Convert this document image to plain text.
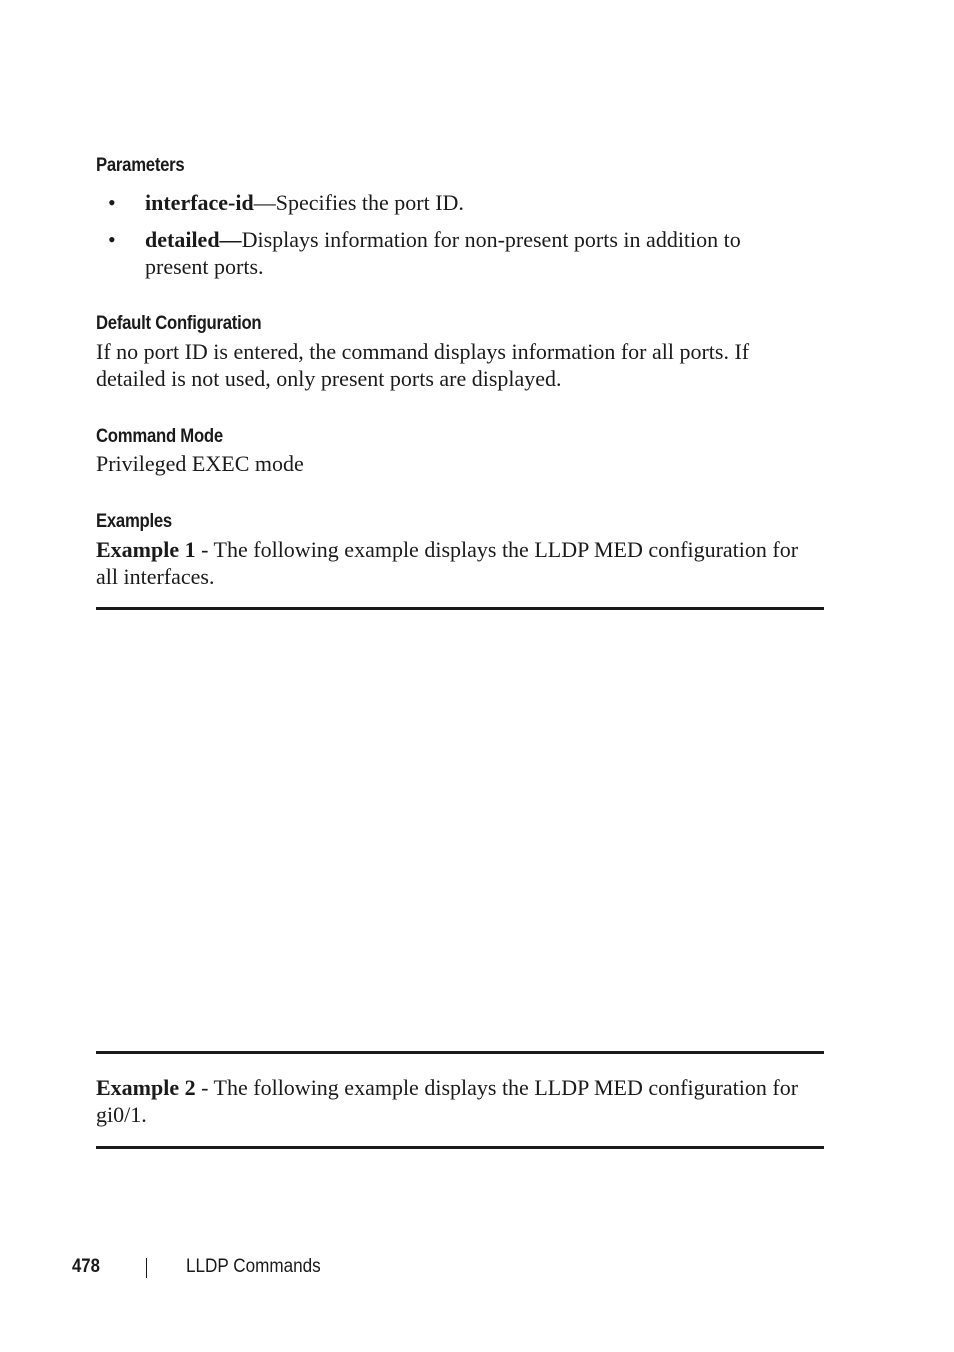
Parameters
• interface-id—Specifies the port ID.
• detailed—Displays information for non-present ports in addition to present ports.
Default Configuration

If no port ID is entered, the command displays information for all ports. If detailed is not used, only present ports are displayed.

Command Mode

Privileged EXEC mode

Examples

Example 1 - The following example displays the LLDP MED configuration for all interfaces.

Example 2 - The following example displays the LLDP MED configuration for gi0/1.

478	LLDP Commands
